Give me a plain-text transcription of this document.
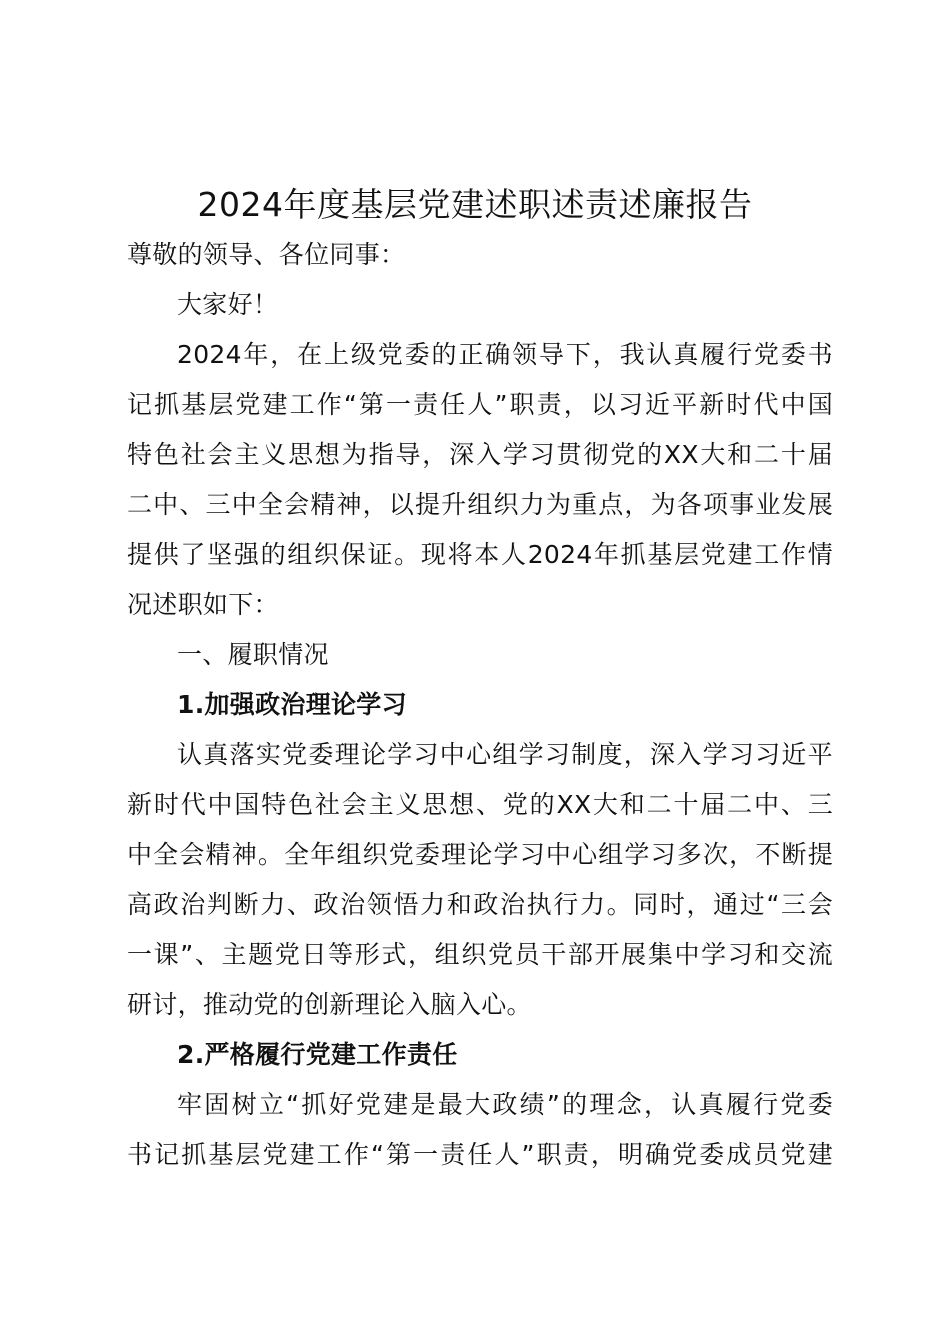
2024年度基层党建述职述责述廉报告
尊敬的领导、各位同事：
大家好！
2024年，在上级党委的正确领导下，我认真履行党委书
记抓基层党建工作“第一责任人”职责，以习近平新时代中国
特色社会主义思想为指导，深入学习贯彻党的XX大和二十届
二中、三中全会精神，以提升组织力为重点，为各项事业发展
提供了坚强的组织保证。现将本人2024年抓基层党建工作情
况述职如下：
一、履职情况
1.加强政治理论学习
认真落实党委理论学习中心组学习制度，深入学习习近平
新时代中国特色社会主义思想、党的XX大和二十届二中、三
中全会精神。全年组织党委理论学习中心组学习多次，不断提
高政治判断力、政治领悟力和政治执行力。同时，通过“三会
一课”、主题党日等形式，组织党员干部开展集中学习和交流
研讨，推动党的创新理论入脑入心。
2.严格履行党建工作责任
牢固树立“抓好党建是最大政绩”的理念，认真履行党委
书记抓基层党建工作“第一责任人”职责，明确党委成员党建
